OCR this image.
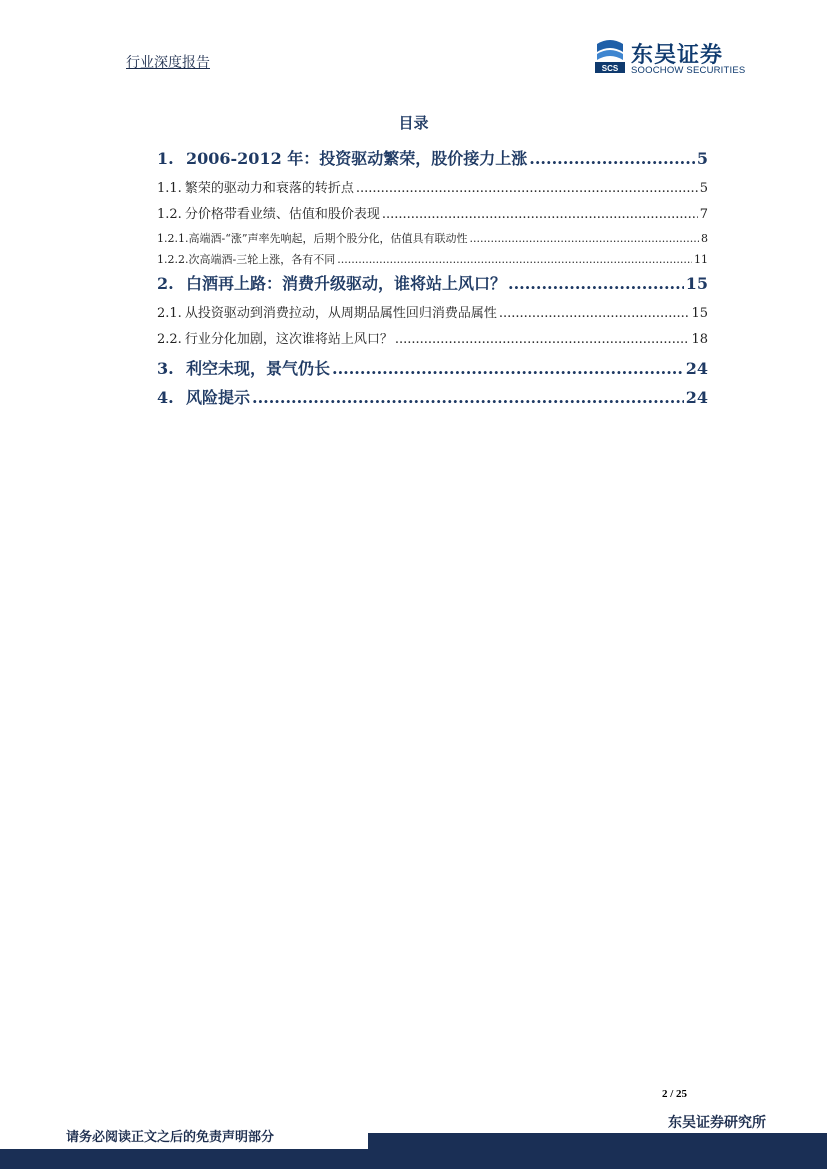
行业深度报告	SCS
东吴证券
SOOCHOW SECURITIES
目录
1. 2006-2012 年：投资驱动繁荣，股价接力上涨 .....	5
1.1. 繁荣的驱动力和衰落的转折点 .....	5
1.2. 分价格带看业绩、估值和股价表现 .....	7
1.2.1. 高端酒-“涨”声率先响起，后期个股分化，估值具有联动性 .....	8
1.2.2. 次高端酒-三轮上涨，各有不同 .....	11
2. 白酒再上路：消费升级驱动，谁将站上风口？ .....	15
2.1. 从投资驱动到消费拉动，从周期品属性回归消费品属性 .....	15
2.2. 行业分化加剧，这次谁将站上风口？ .....	18
3. 利空未现，景气仍长 .....	24
4. 风险提示 .....	24
2 / 25
请务必阅读正文之后的免责声明部分
东吴证券研究所
